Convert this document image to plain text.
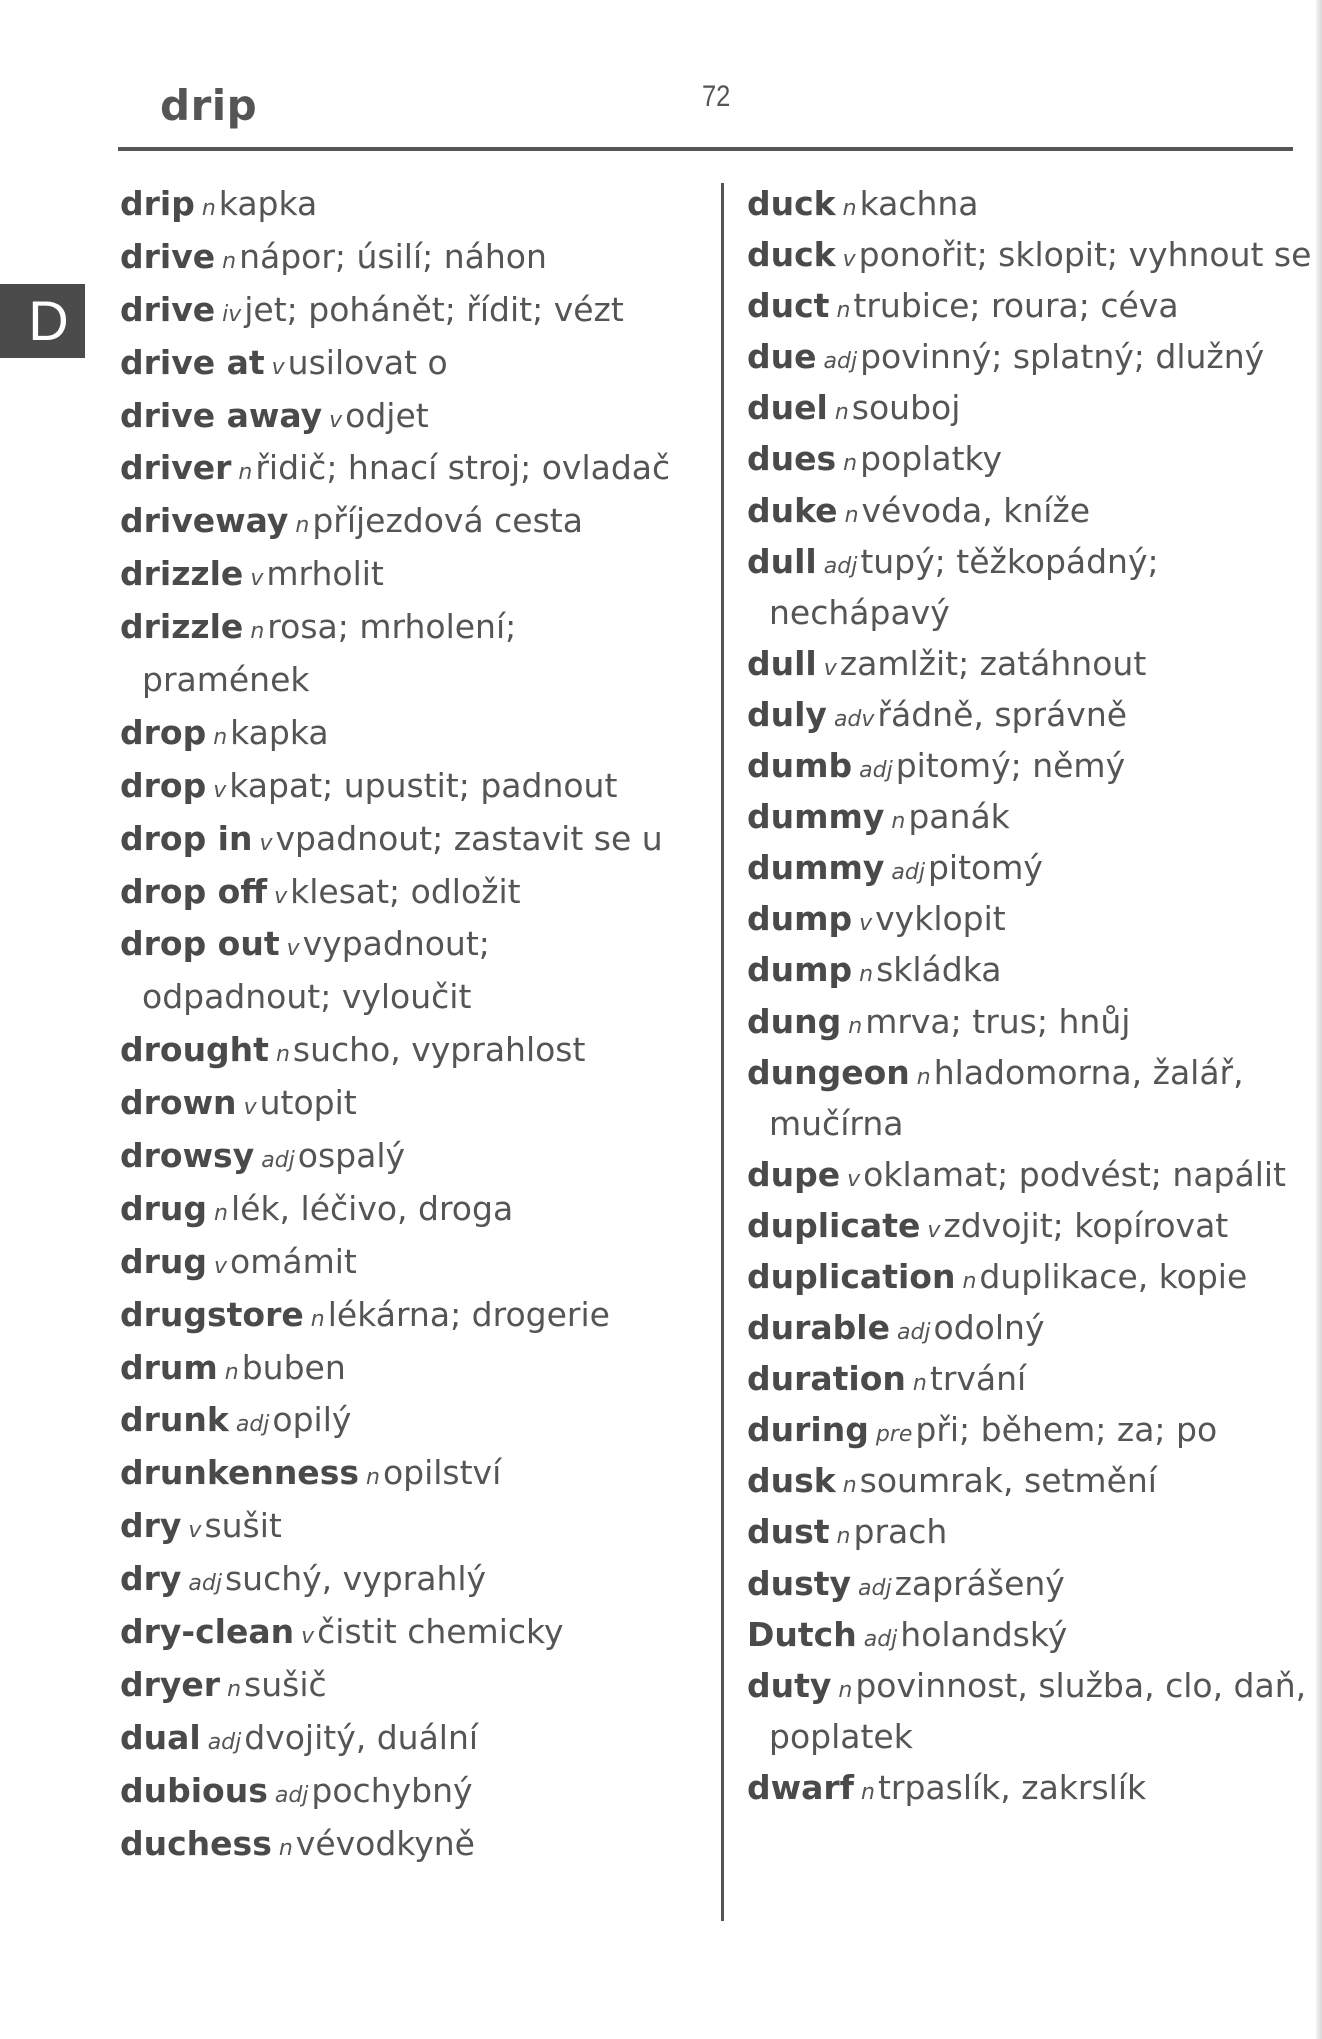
drip	72
D
drip nkapka
drive nnápor; úsilí; náhon
drive ivjet; pohánět; řídit; vézt
drive at vusilovat o
drive away vodjet
driver nřidič; hnací stroj; ovladač
driveway npříjezdová cesta
drizzle vmrholit
drizzle nrosa; mrholení;
pramének
drop nkapka
drop vkapat; upustit; padnout
drop in vvpadnout; zastavit se u
drop off vklesat; odložit
drop out vvypadnout;
odpadnout; vyloučit
drought nsucho, vyprahlost
drown vutopit
drowsy adjospalý
drug nlék, léčivo, droga
drug vomámit
drugstore nlékárna; drogerie
drum nbuben
drunk adjopilý
drunkenness nopilství
dry vsušit
dry adjsuchý, vyprahlý
dry-clean včistit chemicky
dryer nsušič
dual adjdvojitý, duální
dubious adjpochybný
duchess nvévodkyně
duck nkachna
duck vponořit; sklopit; vyhnout se
duct ntrubice; roura; céva
due adjpovinný; splatný; dlužný
duel nsouboj
dues npoplatky
duke nvévoda, kníže
dull adjtupý; těžkopádný;
nechápavý
dull vzamlžit; zatáhnout
duly advřádně, správně
dumb adjpitomý; němý
dummy npanák
dummy adjpitomý
dump vvyklopit
dump nskládka
dung nmrva; trus; hnůj
dungeon nhladomorna, žalář,
mučírna
dupe voklamat; podvést; napálit
duplicate vzdvojit; kopírovat
duplication nduplikace, kopie
durable adjodolný
duration ntrvání
during prepři; během; za; po
dusk nsoumrak, setmění
dust nprach
dusty adjzaprášený
Dutch adjholandský
duty npovinnost, služba, clo, daň,
poplatek
dwarf ntrpaslík, zakrslík
